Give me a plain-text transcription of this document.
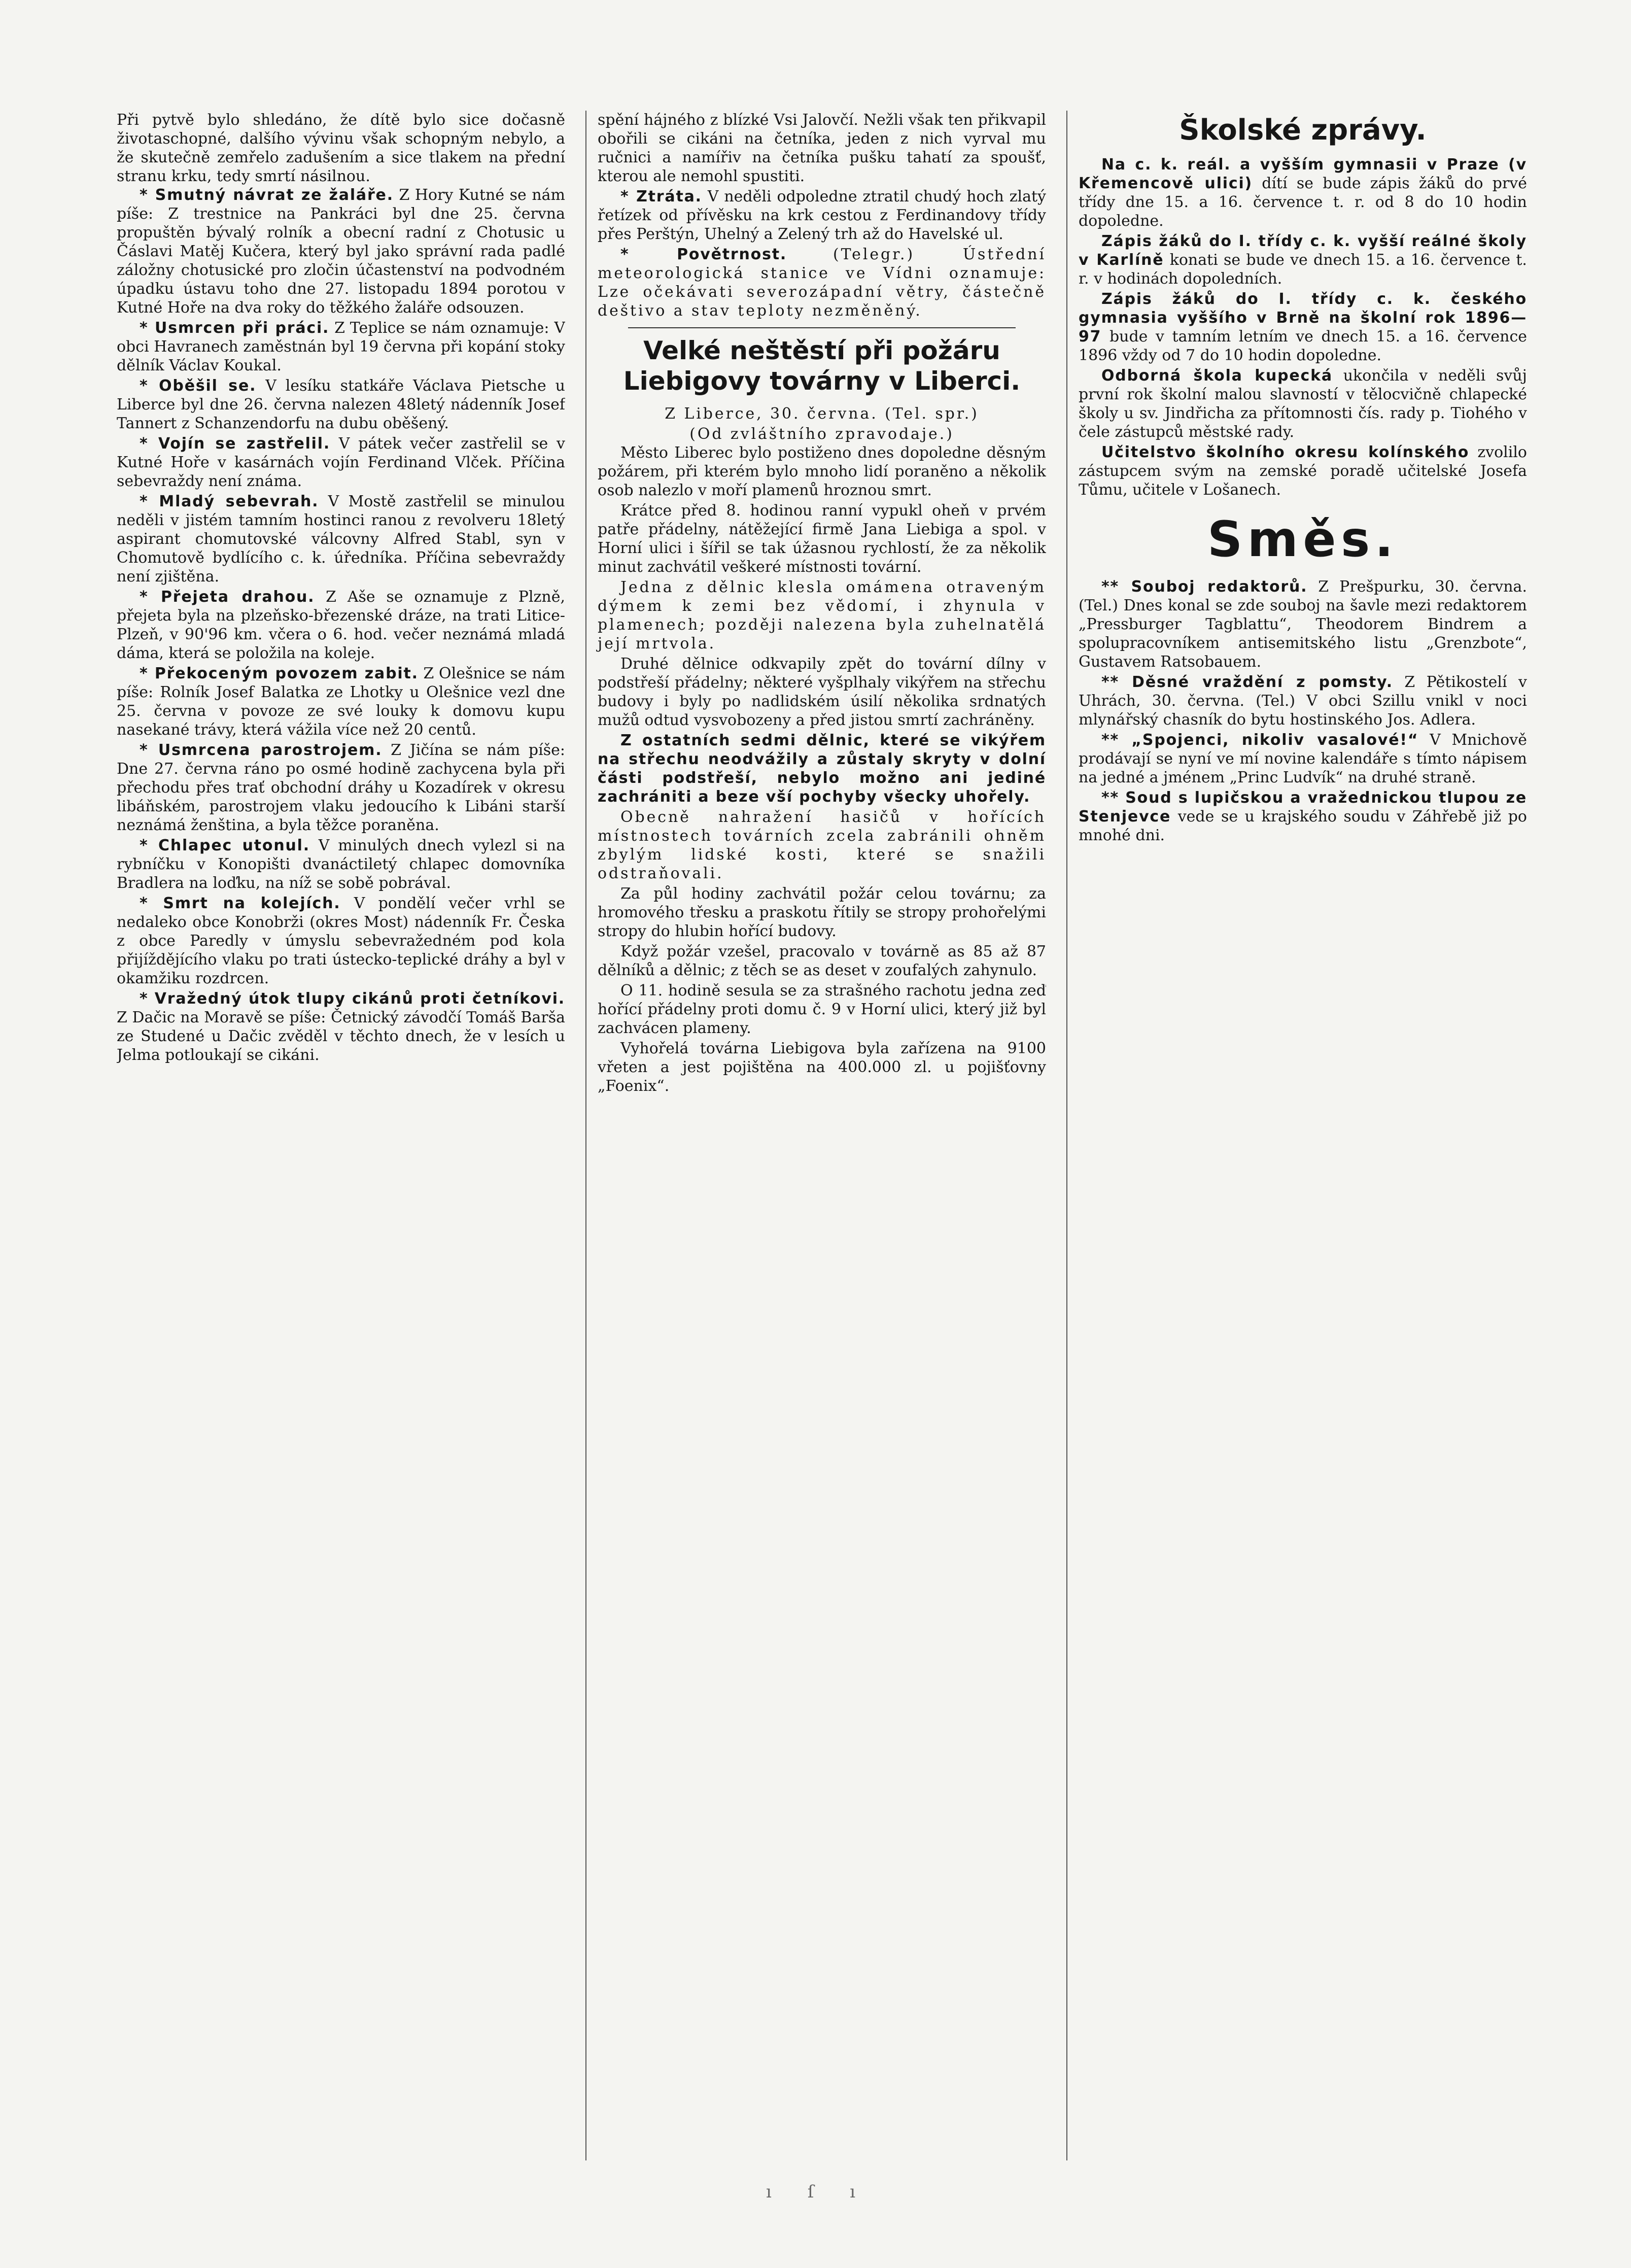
Při pytvě bylo shledáno, že dítě bylo sice dočasně životaschopné, dalšího vývinu však schopným nebylo, a že skutečně zemřelo zadušením a sice tlakem na přední stranu krku, tedy smrtí násilnou.

* Smutný návrat ze žaláře. Z Hory Kutné se nám píše: Z trestnice na Pankráci byl dne 25. června propuštěn bývalý rolník a obecní radní z Chotusic u Čáslavi Matěj Kučera, který byl jako správní rada padlé záložny chotusické pro zločin účastenství na podvodném úpadku ústavu toho dne 27. listopadu 1894 porotou v Kutné Hoře na dva roky do těžkého žaláře odsouzen.

* Usmrcen při práci. Z Teplice se nám oznamuje: V obci Havranech zaměstnán byl 19 června při kopání stoky dělník Václav Koukal.

* Oběšil se. V lesíku statkáře Václava Pietsche u Liberce byl dne 26. června nalezen 48letý nádenník Josef Tannert z Schanzendorfu na dubu oběšený.

* Vojín se zastřelil. V pátek večer zastřelil se v Kutné Hoře v kasárnách vojín Ferdinand Vlček. Příčina sebevraždy není známa.

* Mladý sebevrah. V Mostě zastřelil se minulou neděli v jistém tamním hostinci ranou z revolveru 18letý aspirant chomutovské válcovny Alfred Stabl, syn v Chomutově bydlícího c. k. úředníka. Příčina sebevraždy není zjištěna.

* Přejeta drahou. Z Aše se oznamuje z Plzně, přejeta byla na plzeňsko-březenské dráze, na trati Litice-Plzeň, v 90'96 km. včera o 6. hod. večer neznámá mladá dáma, která se položila na koleje.

* Překoceným povozem zabit. Z Olešnice se nám píše: Rolník Josef Balatka ze Lhotky u Olešnice vezl dne 25. června v povoze ze své louky k domovu kupu nasekané trávy, která vážila více než 20 centů.

* Usmrcena parostrojem. Z Jičína se nám píše: Dne 27. června ráno po osmé hodině zachycena byla při přechodu přes trať obchodní dráhy u Kozadírek v okresu libáňském, parostrojem vlaku jedoucího k Libáni starší neznámá ženština, a byla těžce poraněna.

* Chlapec utonul. V minulých dnech vylezl si na rybníčku v Konopišti dvanáctiletý chlapec domovníka Bradlera na loďku, na níž se sobě pobrával.

* Smrt na kolejích. V pondělí večer vrhl se nedaleko obce Konobrži (okres Most) nádenník Fr. Česka z obce Paredly v úmyslu sebevražedném pod kola přijíždějícího vlaku po trati ústecko-teplické dráhy a byl v okamžiku rozdrcen.

* Vražedný útok tlupy cikánů proti četníkovi. Z Dačic na Moravě se píše: Četnický závodčí Tomáš Barša ze Studené u Dačic zvěděl v těchto dnech, že v lesích u Jelma potloukají se cikáni.

spění hájného z blízké Vsi Jalovčí. Nežli však ten přikvapil obořili se cikáni na četníka, jeden z nich vyrval mu ručnici a namířiv na četníka pušku tahatí za spoušť, kterou ale nemohl spustiti.

* Ztráta. V neděli odpoledne ztratil chudý hoch zlatý řetízek od přívěsku na krk cestou z Ferdinandovy třídy přes Perštýn, Uhelný a Zelený trh až do Havelské ul.

* Povětrnost.	(Telegr.) Ústřední meteorologická stanice ve Vídni oznamuje: Lze očekávati severozápadní větry, částečně deštivo a stav teploty nezměněný.

Velké neštěstí při požáru Liebigovy továrny v Liberci.

Z Liberce, 30. června. (Tel. spr.)

(Od zvláštního zpravodaje.)

Město Liberec bylo postiženo dnes dopoledne děsným požárem, při kterém bylo mnoho lidí poraněno a několik osob nalezlo v moří plamenů hroznou smrt.

Krátce před 8. hodinou ranní vypukl oheň v prvém patře přádelny, nátěžející firmě Jana Liebiga a spol. v Horní ulici i šířil se tak úžasnou rychlostí, že za několik minut zachvátil veškeré místnosti tovární.

Jedna z dělnic klesla omámena otraveným dýmem k zemi bez vědomí, i zhynula v plamenech; později nalezena byla zuhelnatělá její mrtvola.

Druhé dělnice odkvapily zpět do tovární dílny v podstřeší přádelny; některé vyšplhaly vikýřem na střechu budovy i byly po nadlidském úsilí několika srdnatých mužů odtud vysvobozeny a před jistou smrtí zachráněny.

Z ostatních sedmi dělnic, které se vikýřem na střechu neodvážily a zůstaly skryty v dolní části podstřeší, nebylo možno ani jediné zachrániti a beze vší pochyby všecky uhořely.

Obecně nahražení hasičů v hořících místnostech továrních zcela zabránili ohněm zbylým lidské kosti, které se snažili odstraňovali.

Za půl hodiny zachvátil požár celou továrnu; za hromového třesku a praskotu řítily se stropy prohořelými stropy do hlubin hořící budovy.

Když požár vzešel, pracovalo v továrně as 85 až 87 dělníků a dělnic; z těch se as deset v zoufalých zahynulo.

O 11. hodině sesula se za strašného rachotu jedna zeď hořící přádelny proti domu č. 9 v Horní ulici, který již byl zachvácen plameny.

Vyhořelá továrna Liebigova byla zařízena na 9100 vřeten a jest pojištěna na 400.000 zl. u pojišťovny „Foenix“.

Školské zprávy.

Na c. k. reál. a vyšším gymnasii v Praze (v Křemencově ulici) dítí se bude zápis žáků do prvé třídy dne 15. a 16. července t. r. od 8 do 10 hodin dopoledne.

Zápis žáků do I. třídy c. k. vyšší reálné školy v Karlíně konati se bude ve dnech 15. a 16. července t. r. v hodinách dopoledních.

Zápis žáků do I. třídy c. k. českého gymnasia vyššího v Brně na školní rok 1896—97 bude v tamním letním ve dnech 15. a 16. července 1896 vždy od 7 do 10 hodin dopoledne.

Odborná škola kupecká ukončila v neděli svůj první rok školní malou slavností v tělocvičně chlapecké školy u sv. Jindřicha za přítomnosti čís. rady p. Tiohého v čele zástupců městské rady.

Učitelstvo školního okresu kolínského zvolilo zástupcem svým na zemské poradě učitelské Josefa Tůmu, učitele v Lošanech.

Směs.

** Souboj redaktorů. Z Prešpurku, 30. června. (Tel.) Dnes konal se zde souboj na šavle mezi redaktorem „Pressburger Tagblattu“, Theodorem Bindrem a spolupracovníkem antisemitského listu „Grenzbote“, Gustavem Ratsobauem.

** Děsné vraždění z pomsty. Z Pětikostelí v Uhrách, 30. června. (Tel.) V obci Szillu vnikl v noci mlynářský chasník do bytu hostinského Jos. Adlera.

** „Spojenci, nikoliv vasalové!“ V Mnichově prodávají se nyní ve mí novine kalendáře s tímto nápisem na jedné a jménem „Princ Ludvík“ na druhé straně.

** Soud s lupičskou a vražednickou tlupou ze Stenjevce vede se u krajského soudu v Záhřebě již po mnohé dni.

ı ſ ı
